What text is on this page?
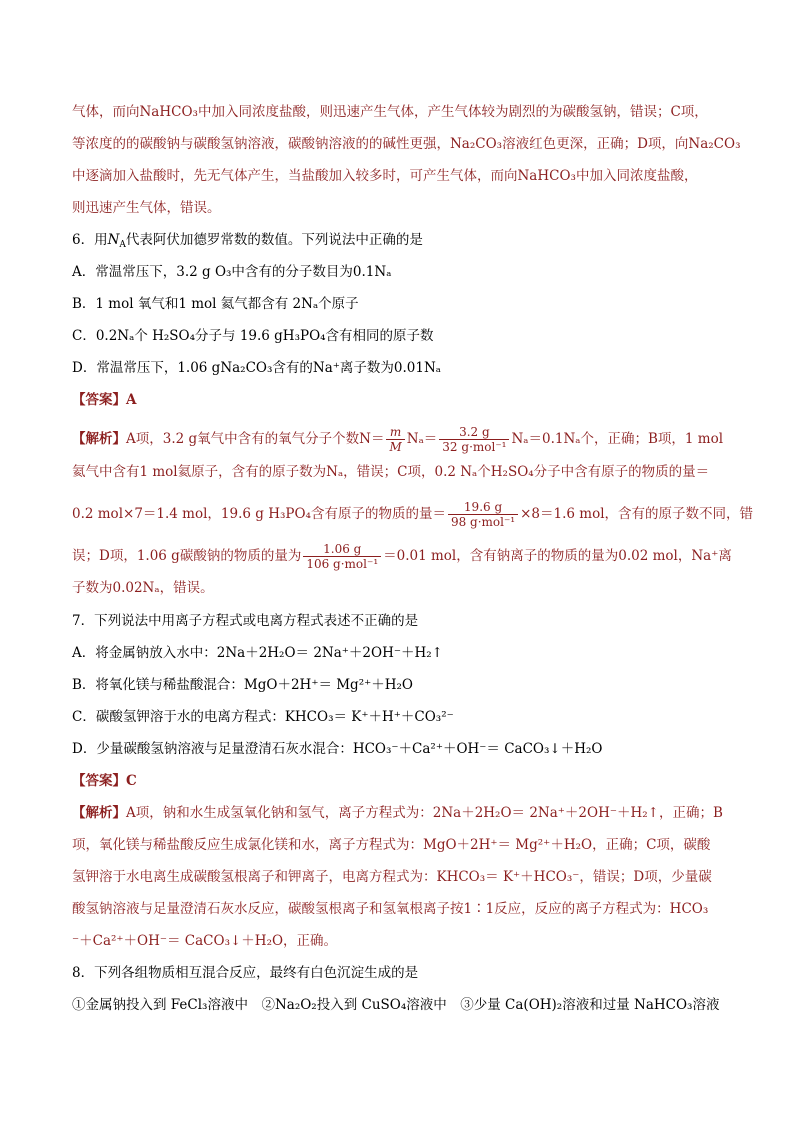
气体，而向NaHCO₃中加入同浓度盐酸，则迅速产生气体，产生气体较为剧烈的为碳酸氢钠，错误；C项，
等浓度的的碳酸钠与碳酸氢钠溶液，碳酸钠溶液的的碱性更强，Na₂CO₃溶液红色更深，正确；D项，向Na₂CO₃
中逐滴加入盐酸时，先无气体产生，当盐酸加入较多时，可产生气体，而向NaHCO₃中加入同浓度盐酸，
则迅速产生气体，错误。
6．用$N_A$代表阿伏加德罗常数的数值。下列说法中正确的是
A．常温常压下，3.2 g O₃中含有的分子数目为0.1Nₐ
B．1 mol 氧气和1 mol 氦气都含有 2Nₐ个原子
C．0.2Nₐ个 H₂SO₄分子与 19.6 gH₃PO₄含有相同的原子数
D．常温常压下，1.06 gNa₂CO₃含有的Na⁺离子数为0.01Nₐ
【答案】A
【解析】A项，3.2 g氧气中含有的氧气分子个数$N= \frac{m}{M} N_a= \frac{3.2 g}{\text{32 g·mol⁻¹}} N_a=0.1N_a$个，正确；B项，1 mol
氦气中含有1 mol氦原子，含有的原子数为Nₐ，错误；C项，0.2 Nₐ个H₂SO₄分子中含有原子的物质的量＝
0.2 mol×7＝1.4 mol，19.6 g H₃PO₄含有原子的物质的量＝ $\frac{19.6 g}{\text{98 g·mol⁻¹}} \times 8=1.6$ mol，含有的原子数不同，错
误；D项，1.06 g碳酸钠的物质的量为 $\frac{1.06 g}{\text{106 g·mol⁻¹}} =0.01$ mol，含有钠离子的物质的量为0.02 mol，Na⁺离
子数为0.02Nₐ，错误。
7．下列说法中用离子方程式或电离方程式表述不正确的是
A．将金属钠放入水中：2Na＋2H₂O＝ 2Na⁺＋2OH⁻＋H₂↑
B．将氧化镁与稀盐酸混合：MgO＋2H⁺＝ Mg²⁺＋H₂O
C．碳酸氢钾溶于水的电离方程式：KHCO₃＝ K⁺＋H⁺＋CO₃²⁻
D．少量碳酸氢钠溶液与足量澄清石灰水混合：HCO₃⁻＋Ca²⁺＋OH⁻＝ CaCO₃↓＋H₂O
【答案】C
【解析】A项，钠和水生成氢氧化钠和氢气，离子方程式为：2Na＋2H₂O＝ 2Na⁺＋2OH⁻＋H₂↑，正确；B
项，氧化镁与稀盐酸反应生成氯化镁和水，离子方程式为：MgO＋2H⁺＝ Mg²⁺＋H₂O，正确；C项，碳酸
氢钾溶于水电离生成碳酸氢根离子和钾离子，电离方程式为：KHCO₃＝ K⁺＋HCO₃⁻，错误；D项，少量碳
酸氢钠溶液与足量澄清石灰水反应，碳酸氢根离子和氢氧根离子按1∶1反应，反应的离子方程式为：HCO₃
⁻＋Ca²⁺＋OH⁻＝ CaCO₃↓＋H₂O，正确。
8．下列各组物质相互混合反应，最终有白色沉淀生成的是
①金属钠投入到 FeCl₃溶液中　②Na₂O₂投入到 CuSO₄溶液中　③少量 Ca(OH)₂溶液和过量 NaHCO₃溶液
